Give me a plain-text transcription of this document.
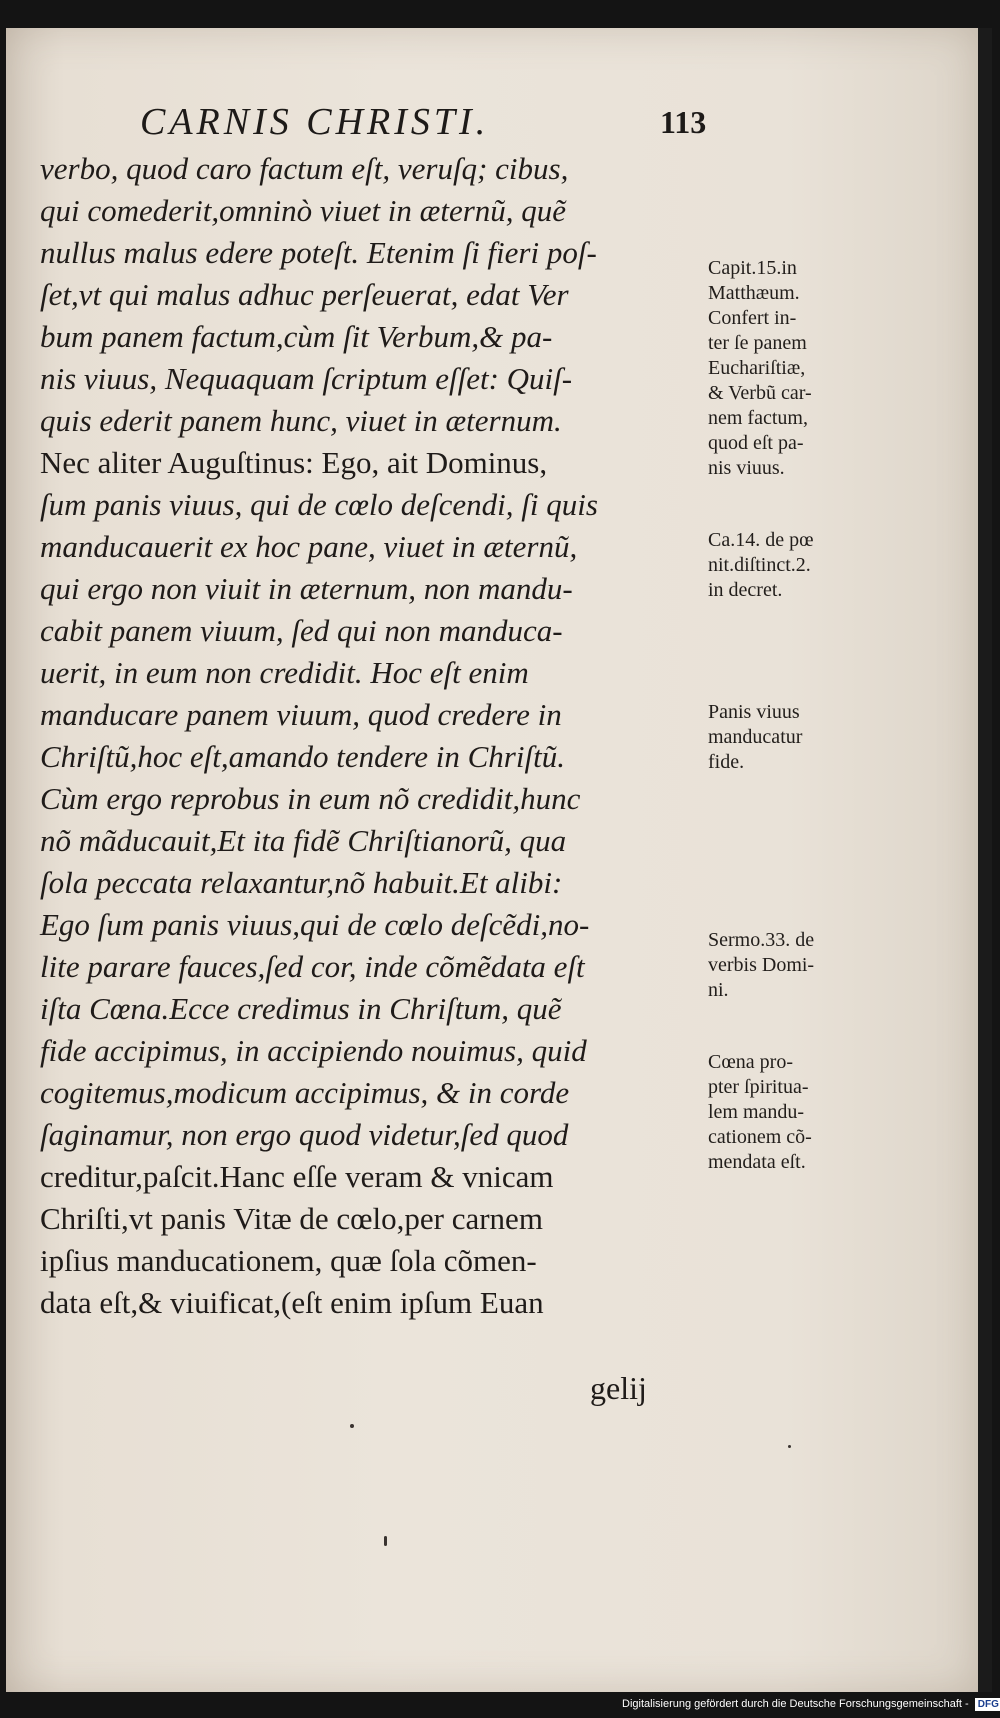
CARNIS CHRISTI.	113
verbo, quod caro factum eſt, veruſq; cibus,
qui comederit,omninò viuet in æternũ, quẽ
nullus malus edere poteſt. Etenim ſi fieri poſ-
ſet,vt qui malus adhuc perſeuerat, edat Ver
bum panem factum,cùm ſit Verbum,& pa-
nis viuus, Nequaquam ſcriptum eſſet: Quiſ-
quis ederit panem hunc, viuet in æternum.
Nec aliter Auguſtinus: Ego, ait Dominus,
ſum panis viuus, qui de cœlo deſcendi, ſi quis
manducauerit ex hoc pane, viuet in æternũ,
qui ergo non viuit in æternum, non mandu-
cabit panem viuum, ſed qui non manduca-
uerit, in eum non credidit. Hoc eſt enim
manducare panem viuum, quod credere in
Chriſtũ,hoc eſt,amando tendere in Chriſtũ.
Cùm ergo reprobus in eum nõ credidit,hunc
nõ mãducauit,Et ita fidẽ Chriſtianorũ, qua
ſola peccata relaxantur,nõ habuit.Et alibi:
Ego ſum panis viuus,qui de cœlo deſcẽdi,no-
lite parare fauces,ſed cor, inde cõmẽdata eſt
iſta Cœna.Ecce credimus in Chriſtum, quẽ
fide accipimus, in accipiendo nouimus, quid
cogitemus,modicum accipimus, & in corde
ſaginamur, non ergo quod videtur,ſed quod
creditur,paſcit.Hanc eſſe veram & vnicam
Chriſti,vt panis Vitæ de cœlo,per carnem
ipſius manducationem, quæ ſola cõmen-
data eſt,& viuificat,(eſt enim ipſum Euan
Capit.15.in
Matthæum.
Confert in-
ter ſe panem
Euchariſtiæ,
& Verbũ car-
nem factum,
quod eſt pa-
nis viuus.
Ca.14. de pœ
nit.diſtinct.2.
in decret.
Panis viuus
manducatur
fide.
Sermo.33. de
verbis Domi-
ni.
Cœna pro-
pter ſpiritua-
lem mandu-
cationem cõ-
mendata eſt.
gelij
Digitalisierung gefördert durch die Deutsche Forschungsgemeinschaft - DFG
